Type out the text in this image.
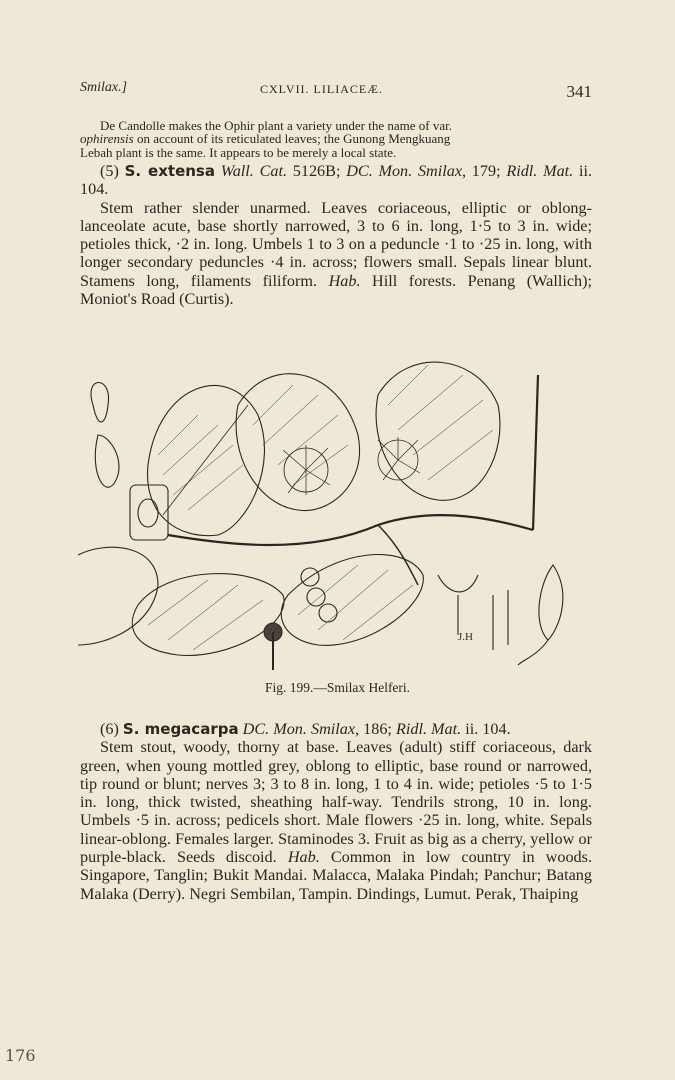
Smilax.]	CXLVII. LILIACEÆ.	341
De Candolle makes the Ophir plant a variety under the name of var.
ophirensis on account of its reticulated leaves; the Gunong Mengkuang
Lebah plant is the same. It appears to be merely a local state.
(5) S. extensa Wall. Cat. 5126B; DC. Mon. Smilax, 179; Ridl. Mat. ii. 104.
Stem rather slender unarmed. Leaves coriaceous, elliptic or oblong-lanceolate acute, base shortly narrowed, 3 to 6 in. long, 1·5 to 3 in. wide; petioles thick, ·2 in. long. Umbels 1 to 3 on a peduncle ·1 to ·25 in. long, with longer secondary peduncles ·4 in. across; flowers small. Sepals linear blunt. Stamens long, filaments filiform. Hab. Hill forests. Penang (Wallich); Moniot's Road (Curtis).
J.H
Fig. 199.—Smilax Helferi.
(6) S. megacarpa DC. Mon. Smilax, 186; Ridl. Mat. ii. 104.
Stem stout, woody, thorny at base. Leaves (adult) stiff coriaceous, dark green, when young mottled grey, oblong to elliptic, base round or narrowed, tip round or blunt; nerves 3; 3 to 8 in. long, 1 to 4 in. wide; petioles ·5 to 1·5 in. long, thick twisted, sheathing half-way. Tendrils strong, 10 in. long. Umbels ·5 in. across; pedicels short. Male flowers ·25 in. long, white. Sepals linear-oblong. Females larger. Staminodes 3. Fruit as big as a cherry, yellow or purple-black. Seeds discoid. Hab. Common in low country in woods. Singapore, Tanglin; Bukit Mandai. Malacca, Malaka Pindah; Panchur; Batang Malaka (Derry). Negri Sembilan, Tampin. Dindings, Lumut. Perak, Thaiping
176
